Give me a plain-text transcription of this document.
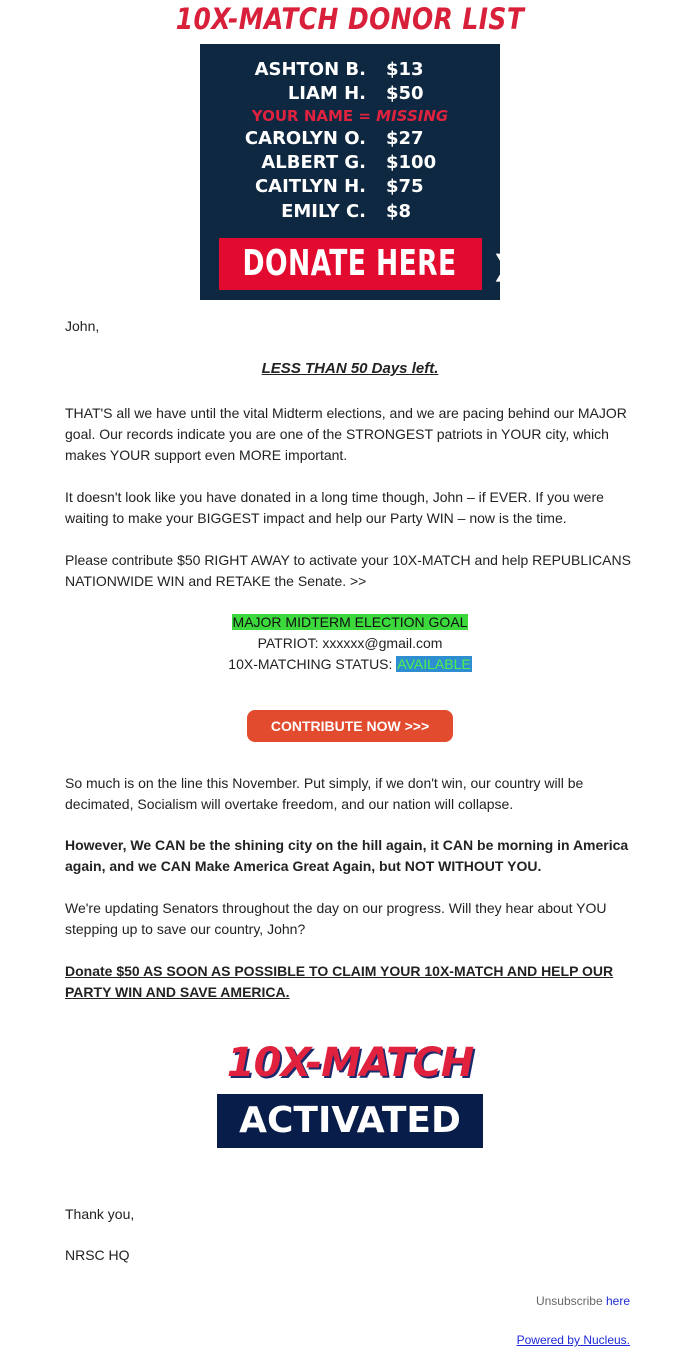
10X-MATCH DONOR LIST
ASHTON B. $13
LIAM H. $50
YOUR NAME = MISSING
CAROLYN O. $27
ALBERT G. $100
CAITLYN H. $75
EMILY C. $8
DONATE HERE ❯❯
John,
LESS THAN 50 Days left.
THAT'S all we have until the vital Midterm elections, and we are pacing behind our MAJOR goal. Our records indicate you are one of the STRONGEST patriots in YOUR city, which makes YOUR support even MORE important.
It doesn't look like you have donated in a long time though, John – if EVER. If you were waiting to make your BIGGEST impact and help our Party WIN – now is the time.
Please contribute $50 RIGHT AWAY to activate your 10X-MATCH and help REPUBLICANS NATIONWIDE WIN and RETAKE the Senate. >>
MAJOR MIDTERM ELECTION GOAL
PATRIOT: xxxxxx@gmail.com
10X-MATCHING STATUS: AVAILABLE
CONTRIBUTE NOW >>>
So much is on the line this November. Put simply, if we don't win, our country will be decimated, Socialism will overtake freedom, and our nation will collapse.
However, We CAN be the shining city on the hill again, it CAN be morning in America again, and we CAN Make America Great Again, but NOT WITHOUT YOU.
We're updating Senators throughout the day on our progress. Will they hear about YOU stepping up to save our country, John?
Donate $50 AS SOON AS POSSIBLE TO CLAIM YOUR 10X-MATCH AND HELP OUR PARTY WIN AND SAVE AMERICA.
10X-MATCH
ACTIVATED
Thank you,
NRSC HQ
Unsubscribe here
Powered by Nucleus.
